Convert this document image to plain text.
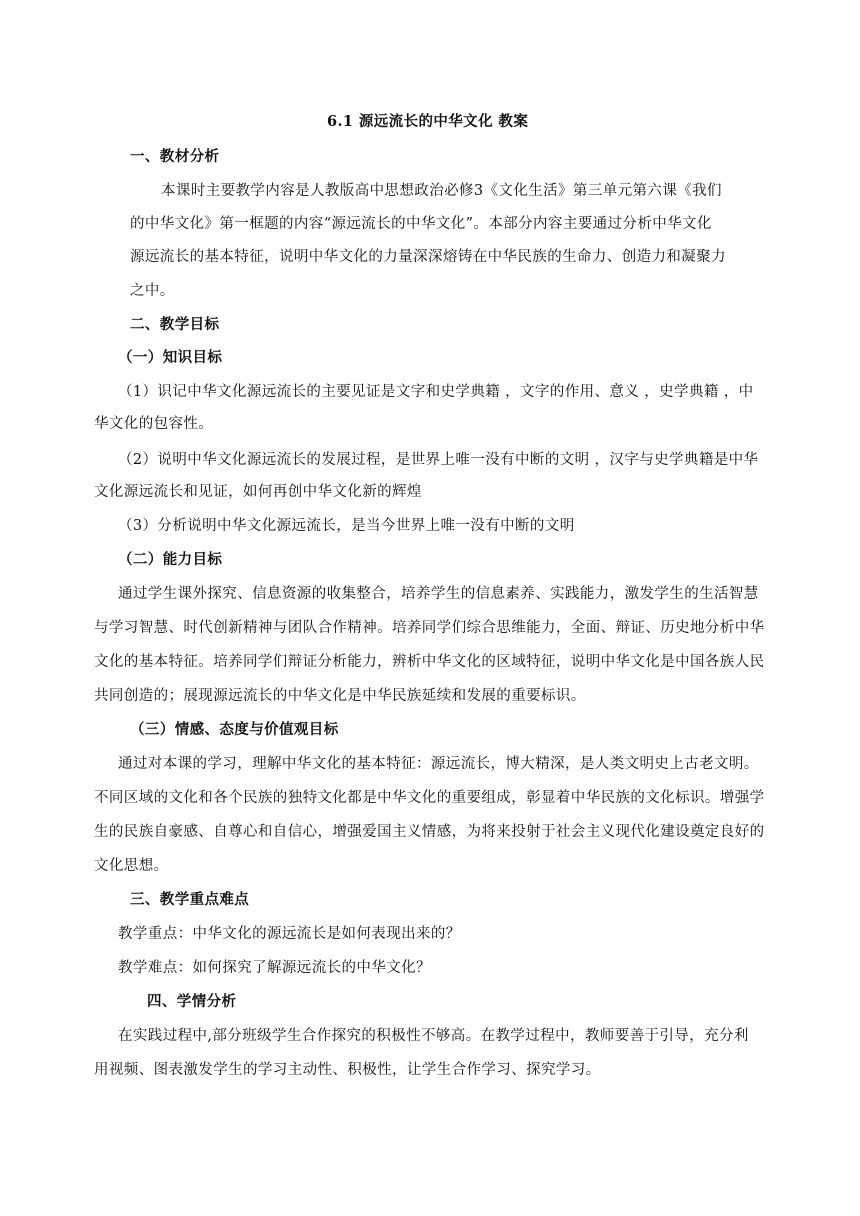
6.1 源远流长的中华文化 教案
一、教材分析
本课时主要教学内容是人教版高中思想政治必修3《文化生活》第三单元第六课《我们
的中华文化》第一框题的内容“源远流长的中华文化”。本部分内容主要通过分析中华文化
源远流长的基本特征，说明中华文化的力量深深熔铸在中华民族的生命力、创造力和凝聚力
之中。
二、教学目标
（一）知识目标
（1）识记中华文化源远流长的主要见证是文字和史学典籍 ，文字的作用、意义 ，史学典籍 ，中
华文化的包容性。
（2）说明中华文化源远流长的发展过程，是世界上唯一没有中断的文明 ，汉字与史学典籍是中华
文化源远流长和见证，如何再创中华文化新的辉煌
（3）分析说明中华文化源远流长，是当今世界上唯一没有中断的文明
（二）能力目标
通过学生课外探究、信息资源的收集整合，培养学生的信息素养、实践能力，激发学生的生活智慧
与学习智慧、时代创新精神与团队合作精神。培养同学们综合思维能力，全面、辩证、历史地分析中华
文化的基本特征。培养同学们辩证分析能力，辨析中华文化的区域特征，说明中华文化是中国各族人民
共同创造的；展现源远流长的中华文化是中华民族延续和发展的重要标识。
（三）情感、态度与价值观目标
通过对本课的学习，理解中华文化的基本特征：源远流长，博大精深，是人类文明史上古老文明。
不同区域的文化和各个民族的独特文化都是中华文化的重要组成，彰显着中华民族的文化标识。增强学
生的民族自豪感、自尊心和自信心，增强爱国主义情感，为将来投射于社会主义现代化建设奠定良好的
文化思想。
三、教学重点难点
教学重点：中华文化的源远流长是如何表现出来的？
教学难点：如何探究了解源远流长的中华文化？
四、学情分析
在实践过程中,部分班级学生合作探究的积极性不够高。在教学过程中，教师要善于引导，充分利
用视频、图表激发学生的学习主动性、积极性，让学生合作学习、探究学习。
